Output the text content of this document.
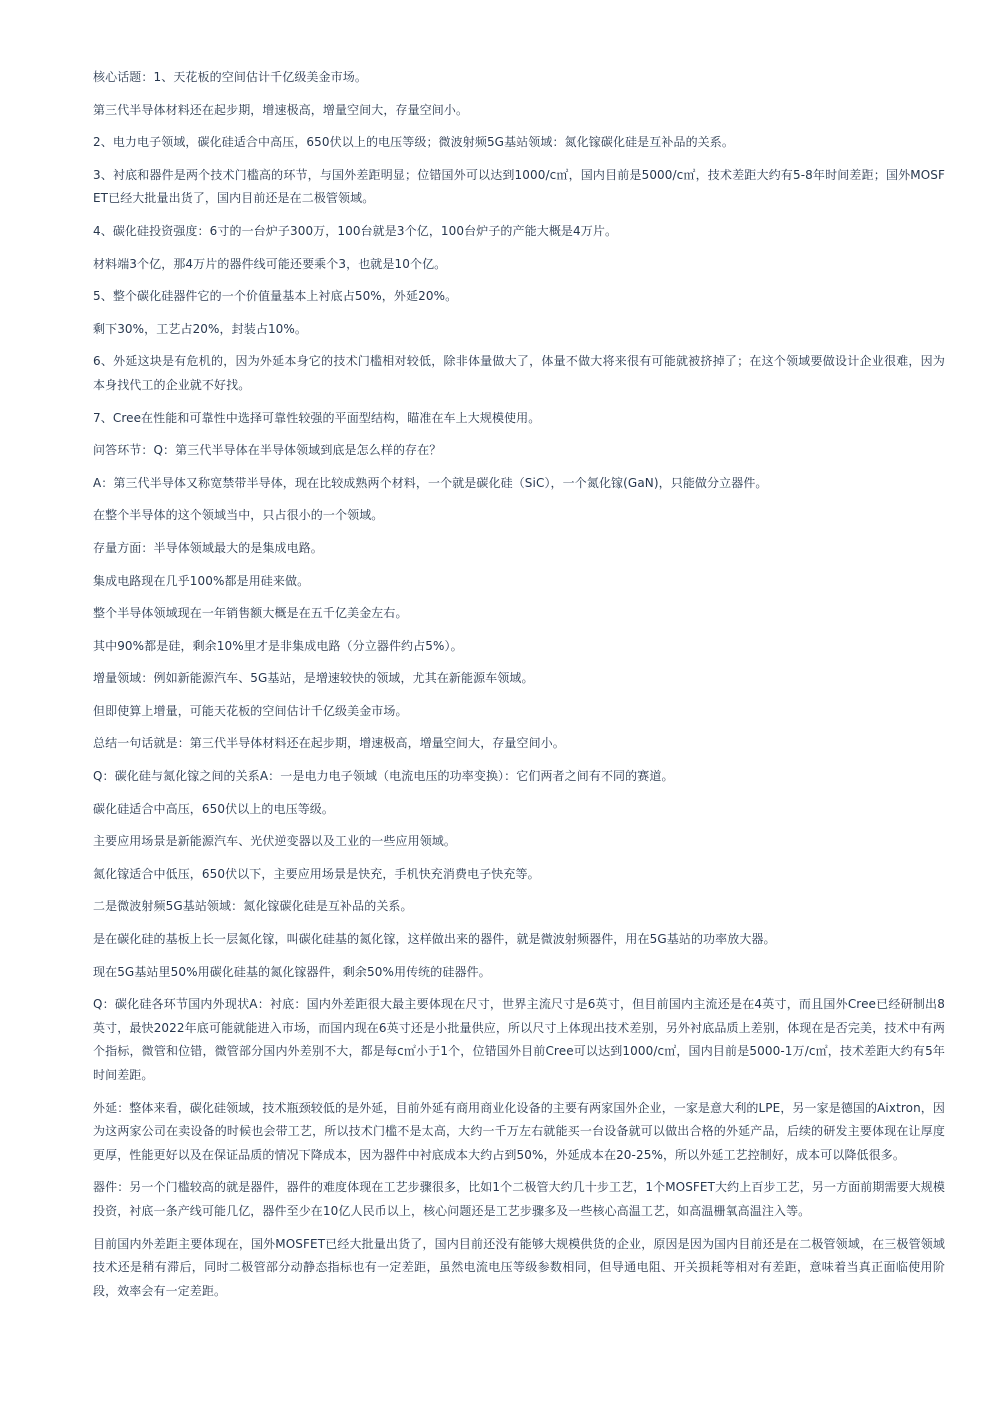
核心话题：1、天花板的空间估计千亿级美金市场。

第三代半导体材料还在起步期，增速极高，增量空间大，存量空间小。

2、电力电子领域，碳化硅适合中高压，650伏以上的电压等级；微波射频5G基站领域：氮化镓碳化硅是互补品的关系。

3、衬底和器件是两个技术门槛高的环节，与国外差距明显；位错国外可以达到1000/c㎡，国内目前是5000/c㎡，技术差距大约有5-8年时间差距；国外MOSFET已经大批量出货了，国内目前还是在二极管领域。

4、碳化硅投资强度：6寸的一台炉子300万，100台就是3个亿，100台炉子的产能大概是4万片。

材料端3个亿，那4万片的器件线可能还要乘个3，也就是10个亿。

5、整个碳化硅器件它的一个价值量基本上衬底占50%，外延20%。

剩下30%，工艺占20%，封装占10%。

6、外延这块是有危机的，因为外延本身它的技术门槛相对较低，除非体量做大了，体量不做大将来很有可能就被挤掉了；在这个领域要做设计企业很难，因为本身找代工的企业就不好找。

7、Cree在性能和可靠性中选择可靠性较强的平面型结构，瞄准在车上大规模使用。

问答环节：Q：第三代半导体在半导体领域到底是怎么样的存在？

A：第三代半导体又称宽禁带半导体，现在比较成熟两个材料，一个就是碳化硅（SiC），一个氮化镓(GaN)，只能做分立器件。

在整个半导体的这个领域当中，只占很小的一个领域。

存量方面：半导体领域最大的是集成电路。

集成电路现在几乎100%都是用硅来做。

整个半导体领域现在一年销售额大概是在五千亿美金左右。

其中90%都是硅，剩余10%里才是非集成电路（分立器件约占5%）。

增量领域：例如新能源汽车、5G基站，是增速较快的领域，尤其在新能源车领域。

但即使算上增量，可能天花板的空间估计千亿级美金市场。

总结一句话就是：第三代半导体材料还在起步期，增速极高，增量空间大，存量空间小。

Q：碳化硅与氮化镓之间的关系A：一是电力电子领域（电流电压的功率变换）：它们两者之间有不同的赛道。

碳化硅适合中高压，650伏以上的电压等级。

主要应用场景是新能源汽车、光伏逆变器以及工业的一些应用领域。

氮化镓适合中低压，650伏以下，主要应用场景是快充，手机快充消费电子快充等。

二是微波射频5G基站领域：氮化镓碳化硅是互补品的关系。

是在碳化硅的基板上长一层氮化镓，叫碳化硅基的氮化镓，这样做出来的器件，就是微波射频器件，用在5G基站的功率放大器。

现在5G基站里50%用碳化硅基的氮化镓器件，剩余50%用传统的硅器件。

Q：碳化硅各环节国内外现状A：衬底：国内外差距很大最主要体现在尺寸，世界主流尺寸是6英寸，但目前国内主流还是在4英寸，而且国外Cree已经研制出8英寸，最快2022年底可能就能进入市场，而国内现在6英寸还是小批量供应，所以尺寸上体现出技术差别，另外衬底品质上差别，体现在是否完美，技术中有两个指标，微管和位错，微管部分国内外差别不大，都是每c㎡小于1个，位错国外目前Cree可以达到1000/c㎡，国内目前是5000-1万/c㎡，技术差距大约有5年时间差距。

外延：整体来看，碳化硅领域，技术瓶颈较低的是外延，目前外延有商用商业化设备的主要有两家国外企业，一家是意大利的LPE，另一家是德国的Aixtron，因为这两家公司在卖设备的时候也会带工艺，所以技术门槛不是太高，大约一千万左右就能买一台设备就可以做出合格的外延产品，后续的研发主要体现在让厚度更厚，性能更好以及在保证品质的情况下降成本，因为器件中衬底成本大约占到50%，外延成本在20-25%，所以外延工艺控制好，成本可以降低很多。

器件：另一个门槛较高的就是器件，器件的难度体现在工艺步骤很多，比如1个二极管大约几十步工艺，1个MOSFET大约上百步工艺，另一方面前期需要大规模投资，衬底一条产线可能几亿，器件至少在10亿人民币以上，核心问题还是工艺步骤多及一些核心高温工艺，如高温栅氧高温注入等。

目前国内外差距主要体现在，国外MOSFET已经大批量出货了，国内目前还没有能够大规模供货的企业，原因是因为国内目前还是在二极管领域，在三极管领域技术还是稍有滞后，同时二极管部分动静态指标也有一定差距，虽然电流电压等级参数相同，但导通电阻、开关损耗等相对有差距，意味着当真正面临使用阶段，效率会有一定差距。
